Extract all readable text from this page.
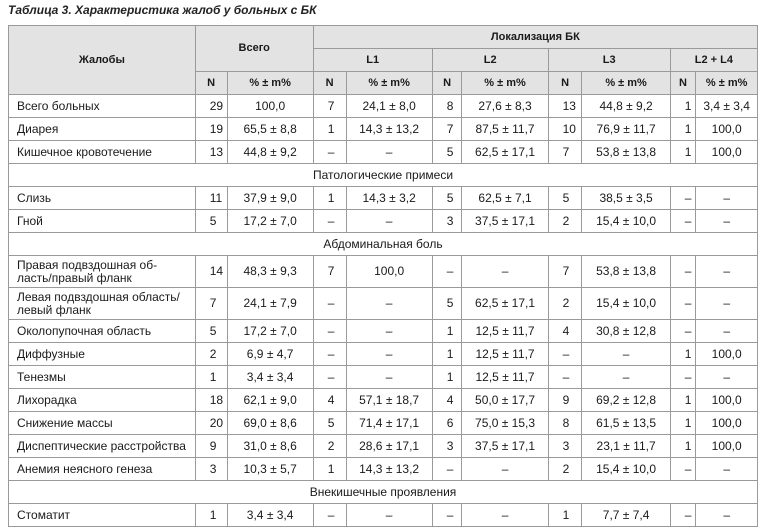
Таблица 3. Характеристика жалоб у больных с БК
Жалобы	Всего		Локализация БК							
			L1		L2		L3		L2 + L4	
	N	% ± m%	N	% ± m%	N	% ± m%	N	% ± m%	N	% ± m%
Всего больных	29	100,0	7	24,1 ± 8,0	8	27,6 ± 8,3	13	44,8 ± 9,2	1	3,4 ± 3,4
Диарея	19	65,5 ± 8,8	1	14,3 ± 13,2	7	87,5 ± 11,7	10	76,9 ± 11,7	1	100,0
Кишечное кровотечение	13	44,8 ± 9,2	–	–	5	62,5 ± 17,1	7	53,8 ± 13,8	1	100,0
Патологические примеси										
Слизь	11	37,9 ± 9,0	1	14,3 ± 3,2	5	62,5 ± 7,1	5	38,5 ± 3,5	–	–
Гной	5	17,2 ± 7,0	–	–	3	37,5 ± 17,1	2	15,4 ± 10,0	–	–
Абдоминальная боль										
Правая подвздошная об-
ласть/правый фланк	14	48,3 ± 9,3	7	100,0	–	–	7	53,8 ± 13,8	–	–
Левая подвздошная область/
левый фланк	7	24,1 ± 7,9	–	–	5	62,5 ± 17,1	2	15,4 ± 10,0	–	–
Околопупочная область	5	17,2 ± 7,0	–	–	1	12,5 ± 11,7	4	30,8 ± 12,8	–	–
Диффузные	2	6,9 ± 4,7	–	–	1	12,5 ± 11,7	–	–	1	100,0
Тенезмы	1	3,4 ± 3,4	–	–	1	12,5 ± 11,7	–	–	–	–
Лихорадка	18	62,1 ± 9,0	4	57,1 ± 18,7	4	50,0 ± 17,7	9	69,2 ± 12,8	1	100,0
Снижение массы	20	69,0 ± 8,6	5	71,4 ± 17,1	6	75,0 ± 15,3	8	61,5 ± 13,5	1	100,0
Диспептические расстройства	9	31,0 ± 8,6	2	28,6 ± 17,1	3	37,5 ± 17,1	3	23,1 ± 11,7	1	100,0
Анемия неясного генеза	3	10,3 ± 5,7	1	14,3 ± 13,2	–	–	2	15,4 ± 10,0	–	–
Внекишечные проявления										
Стоматит	1	3,4 ± 3,4	–	–	–	–	1	7,7 ± 7,4	–	–
